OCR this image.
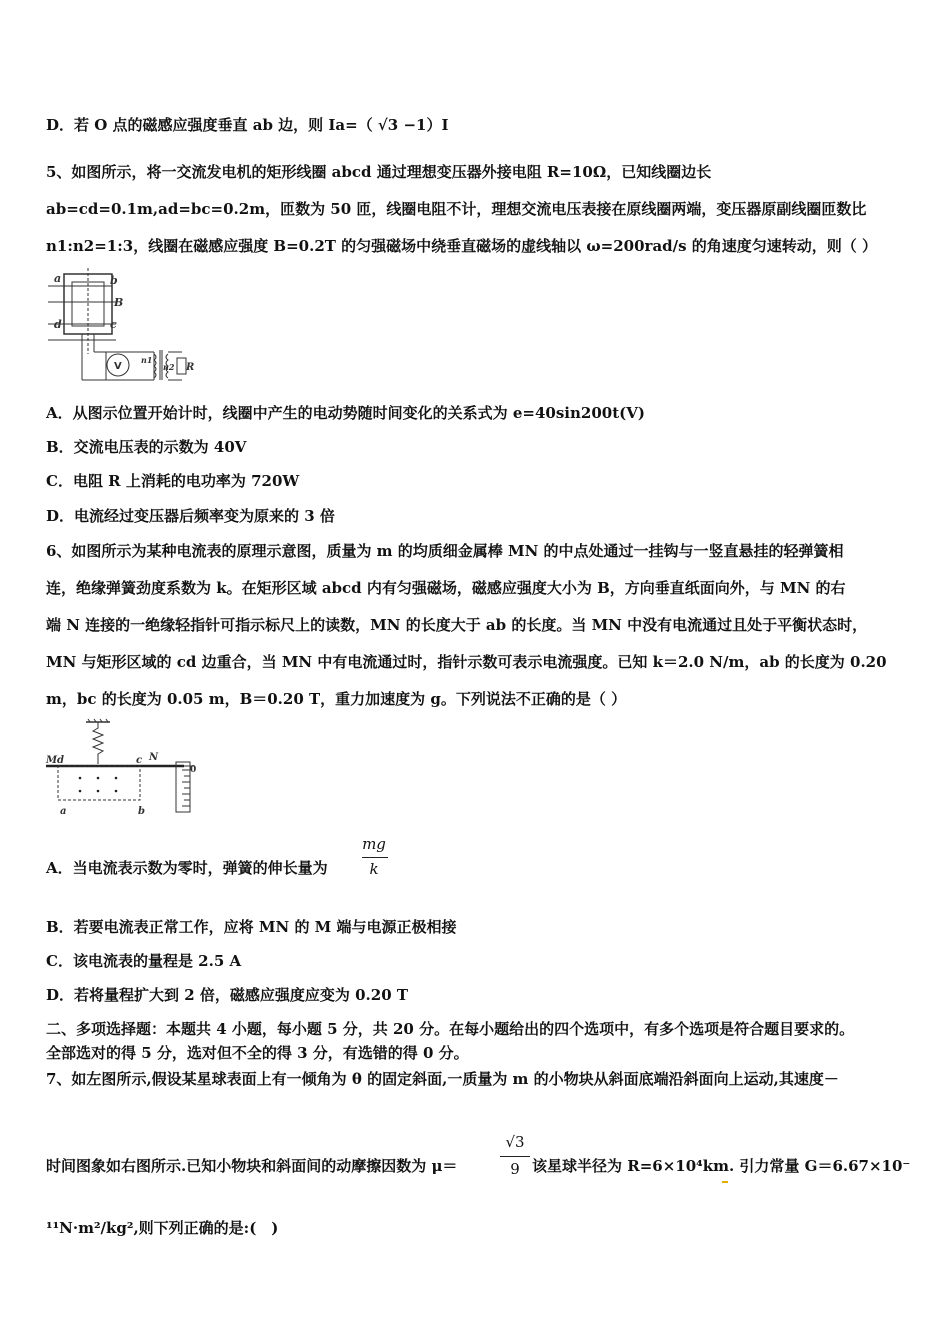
D．若 O 点的磁感应强度垂直 ab 边，则 Ia=（ √3 −1）I
5、如图所示，将一交流发电机的矩形线圈 abcd 通过理想变压器外接电阻 R=10Ω，已知线圈边长
ab=cd=0.1m,ad=bc=0.2m，匝数为 50 匝，线圈电阻不计，理想交流电压表接在原线圈两端，变压器原副线圈匝数比
n1:n2=1:3，线圈在磁感应强度 B=0.2T 的匀强磁场中绕垂直磁场的虚线轴以 ω=200rad/s 的角速度匀速转动，则（ ）
a	b
B
d	c
V
n1
n2 R
A．从图示位置开始计时，线圈中产生的电动势随时间变化的关系式为 e=40sin200t(V)
B．交流电压表的示数为 40V
C．电阻 R 上消耗的电功率为 720W
D．电流经过变压器后频率变为原来的 3 倍
6、如图所示为某种电流表的原理示意图，质量为 m 的均质细金属棒 MN 的中点处通过一挂钩与一竖直悬挂的轻弹簧相
连，绝缘弹簧劲度系数为 k。在矩形区域 abcd 内有匀强磁场，磁感应强度大小为 B，方向垂直纸面向外，与 MN 的右
端 N 连接的一绝缘轻指针可指示标尺上的读数，MN 的长度大于 ab 的长度。当 MN 中没有电流通过且处于平衡状态时，
MN 与矩形区域的 cd 边重合，当 MN 中有电流通过时，指针示数可表示电流强度。已知 k＝2.0 N/m，ab 的长度为 0.20
m，bc 的长度为 0.05 m，B＝0.20 T，重力加速度为 g。下列说法不正确的是（ ）
M d	c N
0
a	b
A．当电流表示数为零时，弹簧的伸长量为
mg
k
B．若要电流表正常工作，应将 MN 的 M 端与电源正极相接
C．该电流表的量程是 2.5 A
D．若将量程扩大到 2 倍，磁感应强度应变为 0.20 T
二、多项选择题：本题共 4 小题，每小题 5 分，共 20 分。在每小题给出的四个选项中，有多个选项是符合题目要求的。
全部选对的得 5 分，选对但不全的得 3 分，有选错的得 0 分。
7、如左图所示,假设某星球表面上有一倾角为 θ 的固定斜面,一质量为 m 的小物块从斜面底端沿斜面向上运动,其速度－
时间图象如右图所示.已知小物块和斜面间的动摩擦因数为 μ＝
√3
9 该星球半径为 R=6×10⁴km. 引力常量 G＝6.67×10⁻
¹¹N·m²/kg²,则下列正确的是:(　)
